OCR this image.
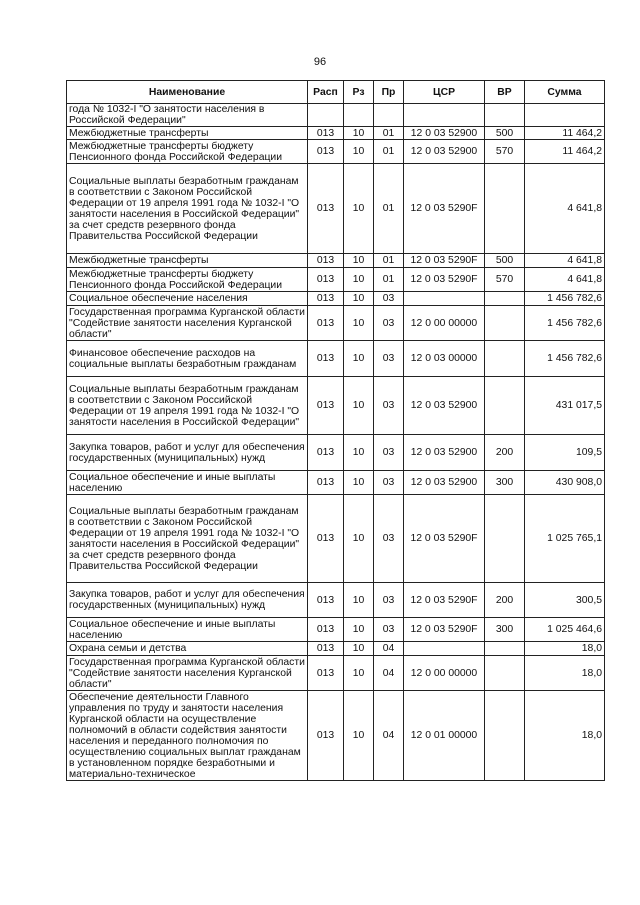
96
Наименование	Расп	Рз	Пр	ЦСР	ВР	Сумма
года № 1032-I "О занятости населения в Российской Федерации"						
Межбюджетные трансферты	013	10	01	12 0 03 52900	500	11 464,2
Межбюджетные трансферты бюджету Пенсионного фонда Российской Федерации	013	10	01	12 0 03 52900	570	11 464,2
Социальные выплаты безработным гражданам в соответствии с Законом Российской Федерации от 19 апреля 1991 года № 1032-I "О занятости населения в Российской Федерации" за счет средств резервного фонда Правительства Российской Федерации	013	10	01	12 0 03 5290F		4 641,8
Межбюджетные трансферты	013	10	01	12 0 03 5290F	500	4 641,8
Межбюджетные трансферты бюджету Пенсионного фонда Российской Федерации	013	10	01	12 0 03 5290F	570	4 641,8
Социальное обеспечение населения	013	10	03			1 456 782,6
Государственная программа Курганской области "Содействие занятости населения Курганской области"	013	10	03	12 0 00 00000		1 456 782,6
Финансовое обеспечение расходов на социальные выплаты безработным гражданам	013	10	03	12 0 03 00000		1 456 782,6
Социальные выплаты безработным гражданам в соответствии с Законом Российской Федерации от 19 апреля 1991 года № 1032-I "О занятости населения в Российской Федерации"	013	10	03	12 0 03 52900		431 017,5
Закупка товаров, работ и услуг для обеспечения государственных (муниципальных) нужд	013	10	03	12 0 03 52900	200	109,5
Социальное обеспечение и иные выплаты населению	013	10	03	12 0 03 52900	300	430 908,0
Социальные выплаты безработным гражданам в соответствии с Законом Российской Федерации от 19 апреля 1991 года № 1032-I "О занятости населения в Российской Федерации" за счет средств резервного фонда Правительства Российской Федерации	013	10	03	12 0 03 5290F		1 025 765,1
Закупка товаров, работ и услуг для обеспечения государственных (муниципальных) нужд	013	10	03	12 0 03 5290F	200	300,5
Социальное обеспечение и иные выплаты населению	013	10	03	12 0 03 5290F	300	1 025 464,6
Охрана семьи и детства	013	10	04			18,0
Государственная программа Курганской области "Содействие занятости населения Курганской области"	013	10	04	12 0 00 00000		18,0
Обеспечение деятельности Главного управления по труду и занятости населения Курганской области на осуществление полномочий в области содействия занятости населения и переданного полномочия по осуществлению социальных выплат гражданам в установленном порядке безработными и материально-техническое	013	10	04	12 0 01 00000		18,0
